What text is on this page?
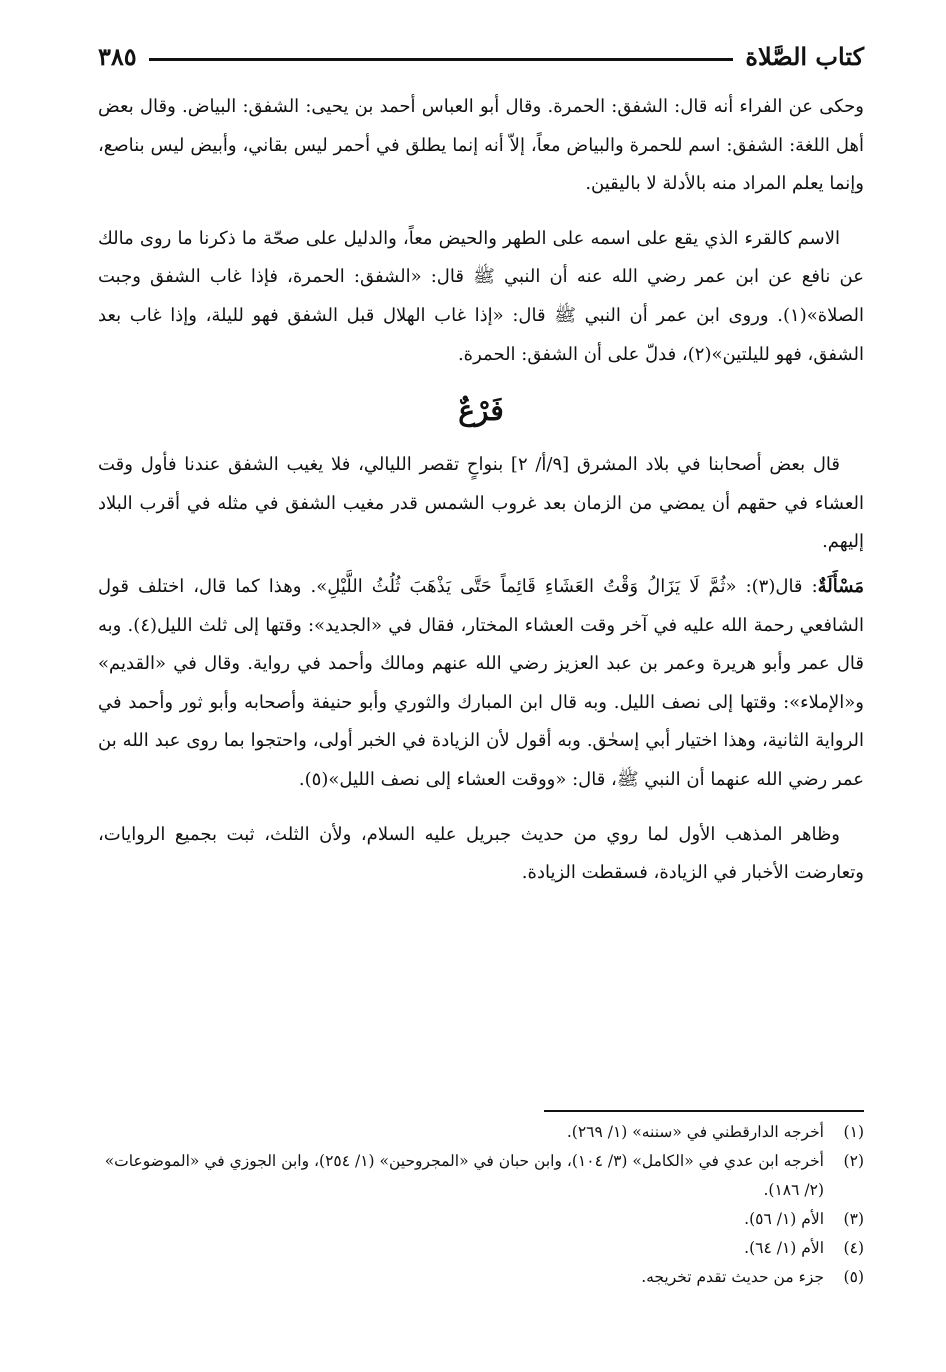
كتاب الصَّلاة
٣٨٥

وحكى عن الفراء أنه قال: الشفق: الحمرة. وقال أبو العباس أحمد بن يحيى: الشفق: البياض. وقال بعض أهل اللغة: الشفق: اسم للحمرة والبياض معاً، إلاّ أنه إنما يطلق في أحمر ليس بقاني، وأبيض ليس بناصع، وإنما يعلم المراد منه بالأدلة لا باليقين.

الاسم كالقرء الذي يقع على اسمه على الطهر والحيض معاً، والدليل على صحّة ما ذكرنا ما روى مالك عن نافع عن ابن عمر رضي الله عنه أن النبي ﷺ قال: «الشفق: الحمرة، فإذا غاب الشفق وجبت الصلاة»(١). وروى ابن عمر أن النبي ﷺ قال: «إذا غاب الهلال قبل الشفق فهو لليلة، وإذا غاب بعد الشفق، فهو لليلتين»(٢)، فدلّ على أن الشفق: الحمرة.

فَرْعٌ

قال بعض أصحابنا في بلاد المشرق [٩/أ/ ٢] بنواحٍ تقصر الليالي، فلا يغيب الشفق عندنا فأول وقت العشاء في حقهم أن يمضي من الزمان بعد غروب الشمس قدر مغيب الشفق في مثله في أقرب البلاد إليهم.

مَسْأَلَةٌ: قال(٣): «ثُمَّ لَا يَزَالُ وَقْتُ العَشَاءِ قَائِماً حَتَّى يَذْهَبَ ثُلُثُ اللَّيْلِ». وهذا كما قال، اختلف قول الشافعي رحمة الله عليه في آخر وقت العشاء المختار، فقال في «الجديد»: وقتها إلى ثلث الليل(٤). وبه قال عمر وأبو هريرة وعمر بن عبد العزيز رضي الله عنهم ومالك وأحمد في رواية. وقال في «القديم» و«الإملاء»: وقتها إلى نصف الليل. وبه قال ابن المبارك والثوري وأبو حنيفة وأصحابه وأبو ثور وأحمد في الرواية الثانية، وهذا اختيار أبي إسحٰق. وبه أقول لأن الزيادة في الخبر أولى، واحتجوا بما روى عبد الله بن عمر رضي الله عنهما أن النبي ﷺ، قال: «ووقت العشاء إلى نصف الليل»(٥).

وظاهر المذهب الأول لما روي من حديث جبريل عليه السلام، ولأن الثلث، ثبت بجميع الروايات، وتعارضت الأخبار في الزيادة، فسقطت الزيادة.

(١)
أخرجه الدارقطني في «سننه» (١/ ٢٦٩).
(٢)
أخرجه ابن عدي في «الكامل» (٣/ ١٠٤)، وابن حبان في «المجروحين» (١/ ٢٥٤)، وابن الجوزي في «الموضوعات» (٢/ ١٨٦).
(٣)
الأم (١/ ٥٦).
(٤)
الأم (١/ ٦٤).
(٥)
جزء من حديث تقدم تخريجه.
